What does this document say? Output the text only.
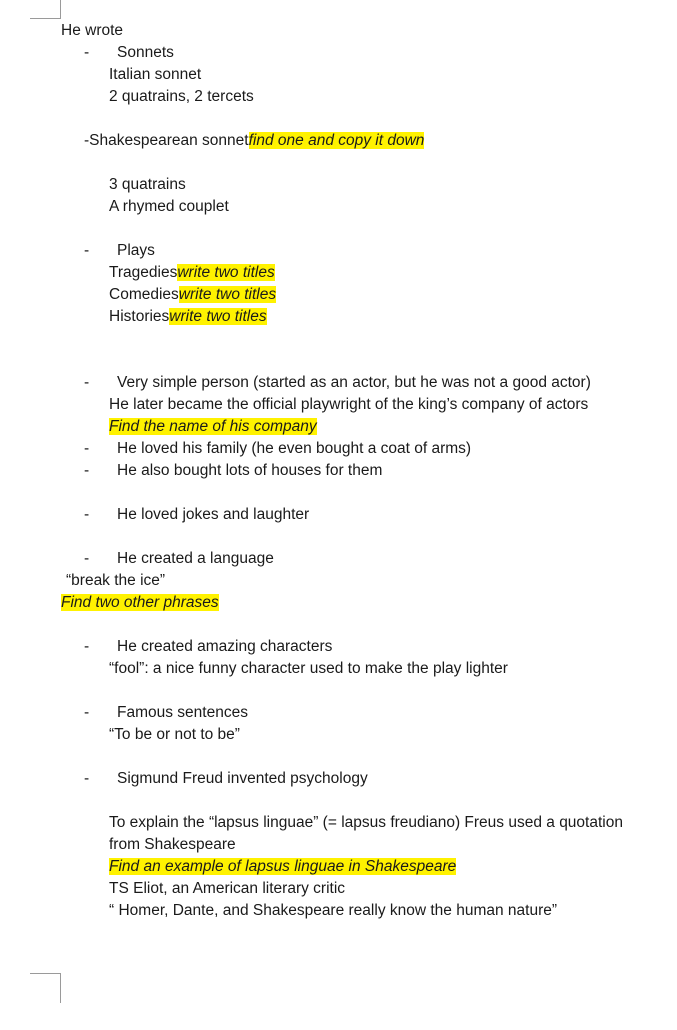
He wrote
- Sonnets
Italian sonnet
2 quatrains, 2 tercets
-Shakespearean sonnetfind one and copy it down
3 quatrains
A rhymed couplet
- Plays
Tragedieswrite two titles
Comedieswrite two titles
Historieswrite two titles
- Very simple person (started as an actor, but he was not a good actor)
He later became the official playwright of the king’s company of actors
Find the name of his company
- He loved his family (he even bought a coat of arms)
- He also bought lots of houses for them
- He loved jokes and laughter
- He created a language
“break the ice”
Find two other phrases
- He created amazing characters
“fool”: a nice funny character used to make the play lighter
- Famous sentences
“To be or not to be”
- Sigmund Freud invented psychology
To explain the “lapsus linguae” (= lapsus freudiano) Freus used a quotation
from Shakespeare
Find an example of lapsus linguae in Shakespeare
TS Eliot, an American literary critic
“ Homer, Dante, and Shakespeare really know the human nature”
